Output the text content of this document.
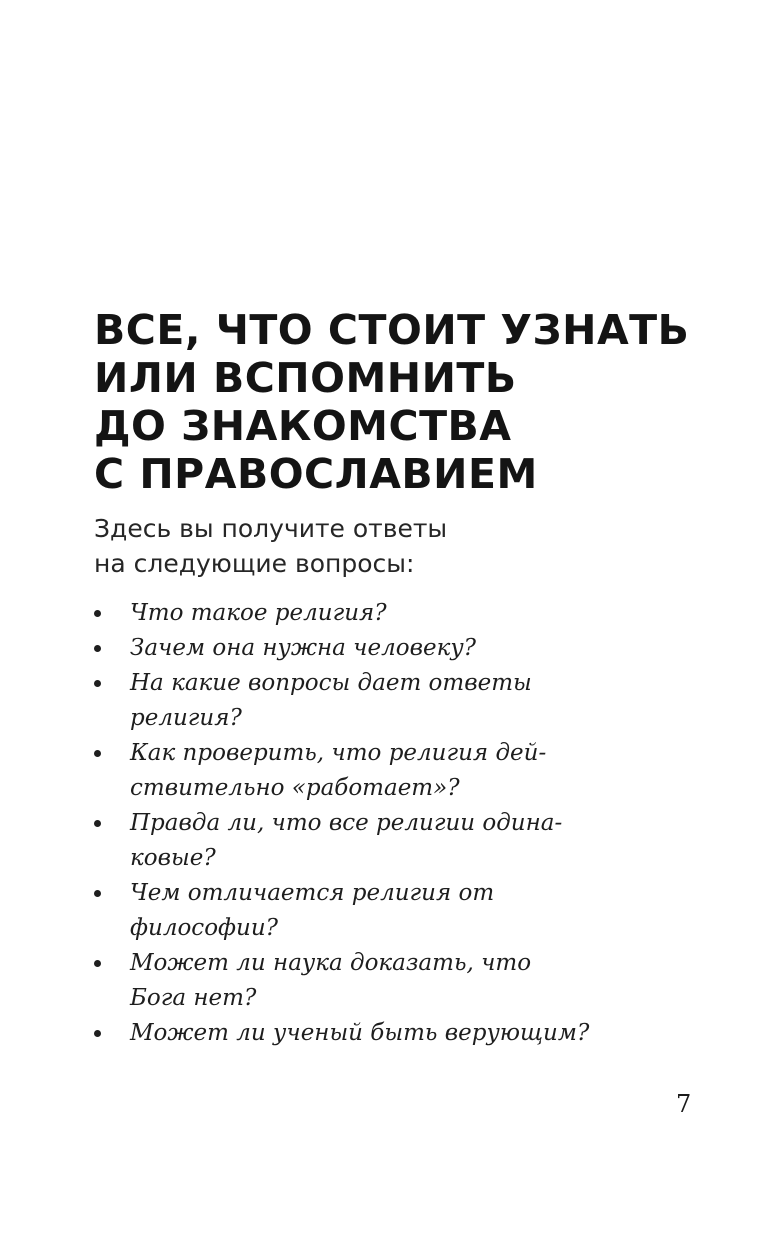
ВСЕ, ЧТО СТОИТ УЗНАТЬ
ИЛИ ВСПОМНИТЬ
ДО ЗНАКОМСТВА
С ПРАВОСЛАВИЕМ

Здесь вы получите ответы
на следующие вопросы:

Что такое религия?
Зачем она нужна человеку?
На какие вопросы дает ответы
религия?
Как проверить, что религия дей-
ствительно «работает»?
Правда ли, что все религии одина-
ковые?
Чем отличается религия от
философии?
Может ли наука доказать, что
Бога нет?
Может ли ученый быть верующим?
7
